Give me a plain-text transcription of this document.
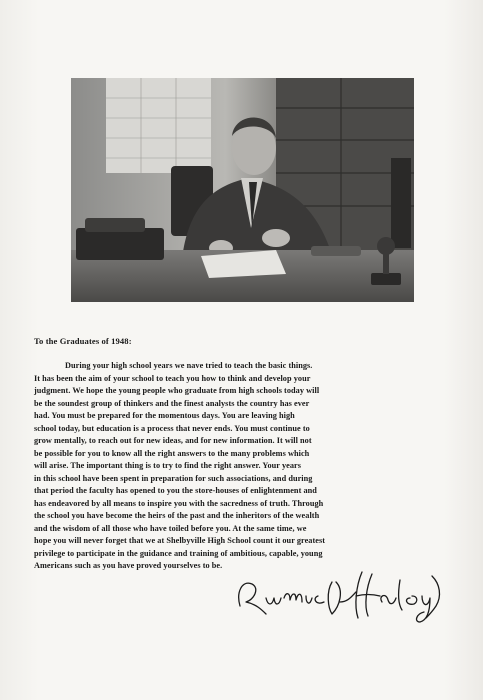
To the Graduates of 1948:
During your high school years we nave tried to teach the basic things.
It has been the aim of your school to teach you how to think and develop your
judgment. We hope the young people who graduate from high schools today will
be the soundest group of thinkers and the finest analysts the country has ever
had. You must be prepared for the momentous days. You are leaving high
school today, but education is a process that never ends. You must continue to
grow mentally, to reach out for new ideas, and for new information. It will not
be possible for you to know all the right answers to the many problems which
will arise. The important thing is to try to find the right answer. Your years
in this school have been spent in preparation for such associations, and during
that period the faculty has opened to you the store-houses of enlightenment and
has endeavored by all means to inspire you with the sacredness of truth. Through
the school you have become the heirs of the past and the inheritors of the wealth
and the wisdom of all those who have toiled before you. At the same time, we
hope you will never forget that we at Shelbyville High School count it our greatest
privilege to participate in the guidance and training of ambitious, capable, young
Americans such as you have proved yourselves to be.
